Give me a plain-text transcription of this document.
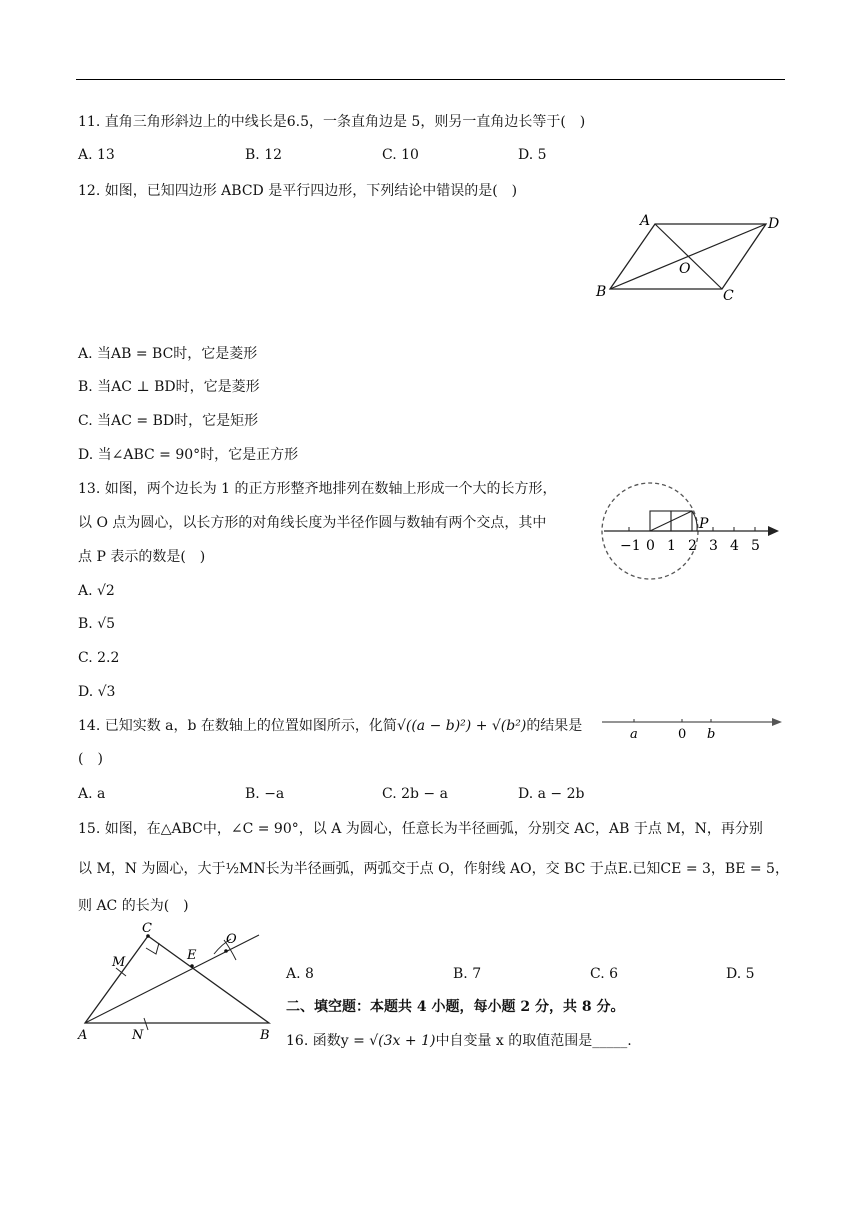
11. 直角三角形斜边上的中线长是6.5，一条直角边是 5，则另一直角边长等于(　)
A. 13	B. 12	C. 10	D. 5
12. 如图，已知四边形 ABCD 是平行四边形，下列结论中错误的是(　)
A	D
O
B	C
A. 当AB = BC时，它是菱形
B. 当AC ⊥ BD时，它是菱形
C. 当AC = BD时，它是矩形
D. 当∠ABC = 90°时，它是正方形
13. 如图，两个边长为 1 的正方形整齐地排列在数轴上形成一个大的长方形，
以 O 点为圆心，以长方形的对角线长度为半径作圆与数轴有两个交点，其中
点 P 表示的数是(　)
−1 0 1 2 3 4 5
P
A. √2
B. √5
C. 2.2
D. √3
14. 已知实数 a，b 在数轴上的位置如图所示，化简√((a − b)²) + √(b²)的结果是
(　)
a	0 b
A. a	B. −a	C. 2b − a	D. a − 2b
15. 如图，在△ABC中，∠C = 90°，以 A 为圆心，任意长为半径画弧，分别交 AC，AB 于点 M，N，再分别
以 M，N 为圆心，大于½MN长为半径画弧，两弧交于点 O，作射线 AO，交 BC 于点E.已知CE = 3，BE = 5，
则 AC 的长为(　)
C
O
M	E
A	N	B
A. 8	B. 7	C. 6	D. 5
二、填空题：本题共 4 小题，每小题 2 分，共 8 分。
16. 函数y = √(3x + 1)中自变量 x 的取值范围是_____.
